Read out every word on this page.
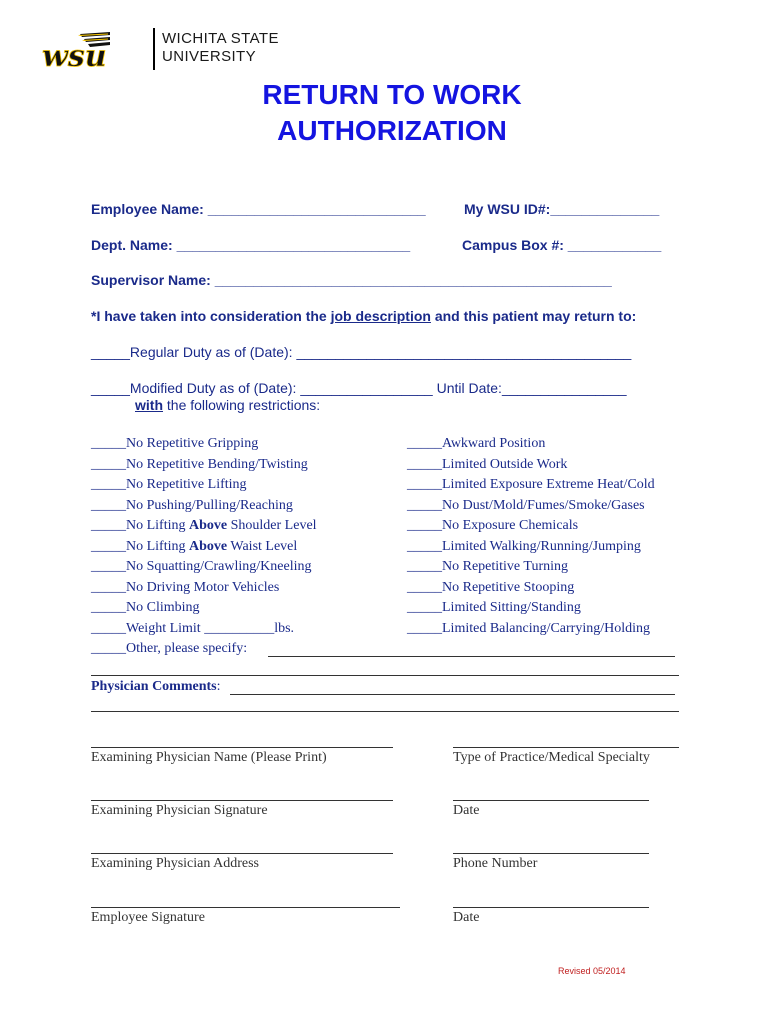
wsu
WICHITA STATE
UNIVERSITY
RETURN TO WORK
AUTHORIZATION
Employee Name: ____________________________	My WSU ID#:______________
Dept. Name: ______________________________	Campus Box #: ____________
Supervisor Name: ___________________________________________________
*I have taken into consideration the job description and this patient may return to:
_____Regular Duty as of (Date): ___________________________________________
_____Modified Duty as of (Date): _________________ Until Date:________________
with the following restrictions:
_____No Repetitive Gripping
_____No Repetitive Bending/Twisting
_____No Repetitive Lifting
_____No Pushing/Pulling/Reaching
_____No Lifting Above Shoulder Level
_____No Lifting Above Waist Level
_____No Squatting/Crawling/Kneeling
_____No Driving Motor Vehicles
_____No Climbing
_____Weight Limit __________lbs.
_____Awkward Position
_____Limited Outside Work
_____Limited Exposure Extreme Heat/Cold
_____No Dust/Mold/Fumes/Smoke/Gases
_____No Exposure Chemicals
_____Limited Walking/Running/Jumping
_____No Repetitive Turning
_____No Repetitive Stooping
_____Limited Sitting/Standing
_____Limited Balancing/Carrying/Holding
_____Other, please specify:
Physician Comments:
Examining Physician Name (Please Print)	Type of Practice/Medical Specialty
Examining Physician Signature	Date
Examining Physician Address	Phone Number
Employee Signature	Date
Revised 05/2014
